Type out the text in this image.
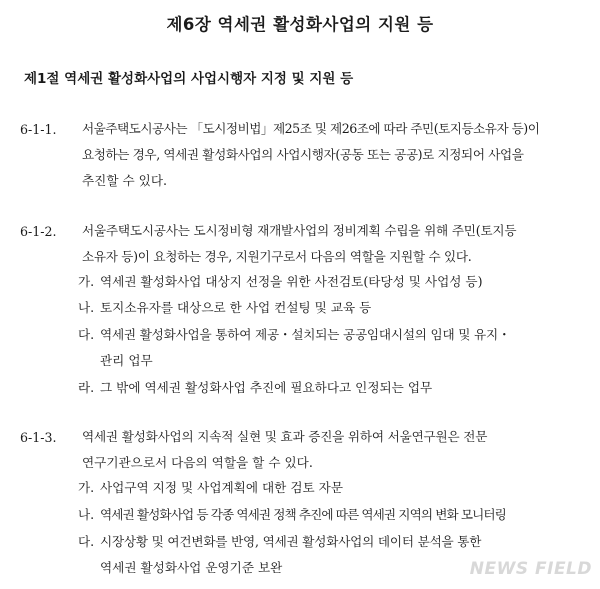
제6장 역세권 활성화사업의 지원 등
제1절 역세권 활성화사업의 사업시행자 지정 및 지원 등
6-1-1. 서울주택도시공사는 「도시정비법」제25조 및 제26조에 따라 주민(토지등소유자 등)이
요청하는 경우, 역세권 활성화사업의 사업시행자(공동 또는 공공)로 지정되어 사업을
추진할 수 있다.
6-1-2. 서울주택도시공사는 도시정비형 재개발사업의 정비계획 수립을 위해 주민(토지등
소유자 등)이 요청하는 경우, 지원기구로서 다음의 역할을 지원할 수 있다.
가. 역세권 활성화사업 대상지 선정을 위한 사전검토(타당성 및 사업성 등)
나. 토지소유자를 대상으로 한 사업 컨설팅 및 교육 등
다. 역세권 활성화사업을 통하여 제공・설치되는 공공임대시설의 임대 및 유지・
관리 업무
라. 그 밖에 역세권 활성화사업 추진에 필요하다고 인정되는 업무
6-1-3. 역세권 활성화사업의 지속적 실현 및 효과 증진을 위하여 서울연구원은 전문
연구기관으로서 다음의 역할을 할 수 있다.
가. 사업구역 지정 및 사업계획에 대한 검토 자문
나. 역세권 활성화사업 등 각종 역세권 정책 추진에 따른 역세권 지역의 변화 모니터링
다. 시장상황 및 여건변화를 반영, 역세권 활성화사업의 데이터 분석을 통한
역세권 활성화사업 운영기준 보완	NEWS FIELD
